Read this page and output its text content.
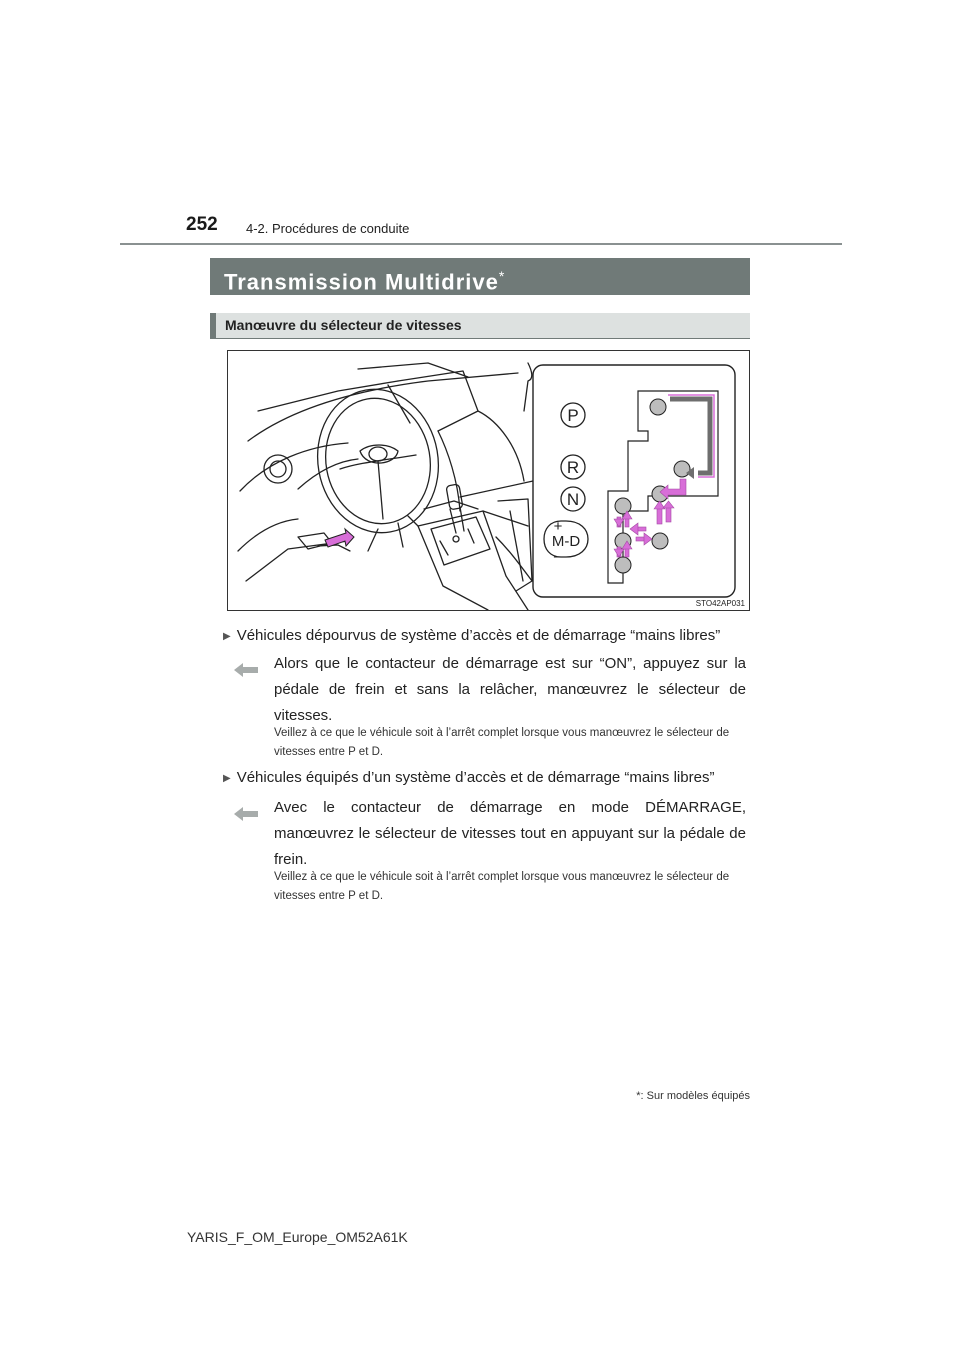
252 4-2. Procédures de conduite
Transmission Multidrive*
Manœuvre du sélecteur de vitesses
P
R
N
+
M-D
–
STO42AP031
▶ Véhicules dépourvus de système d’accès et de démarrage “mains libres”
Alors que le contacteur de démarrage est sur “ON”, appuyez sur la pédale de frein et sans la relâcher, manœuvrez le sélecteur de vitesses.
Veillez à ce que le véhicule soit à l’arrêt complet lorsque vous manœuvrez le sélecteur de vitesses entre P et D.
▶ Véhicules équipés d’un système d’accès et de démarrage “mains libres”
Avec le contacteur de démarrage en mode DÉMARRAGE, manœuvrez le sélecteur de vitesses tout en appuyant sur la pédale de frein.
Veillez à ce que le véhicule soit à l’arrêt complet lorsque vous manœuvrez le sélecteur de vitesses entre P et D.
*: Sur modèles équipés
YARIS_F_OM_Europe_OM52A61K
